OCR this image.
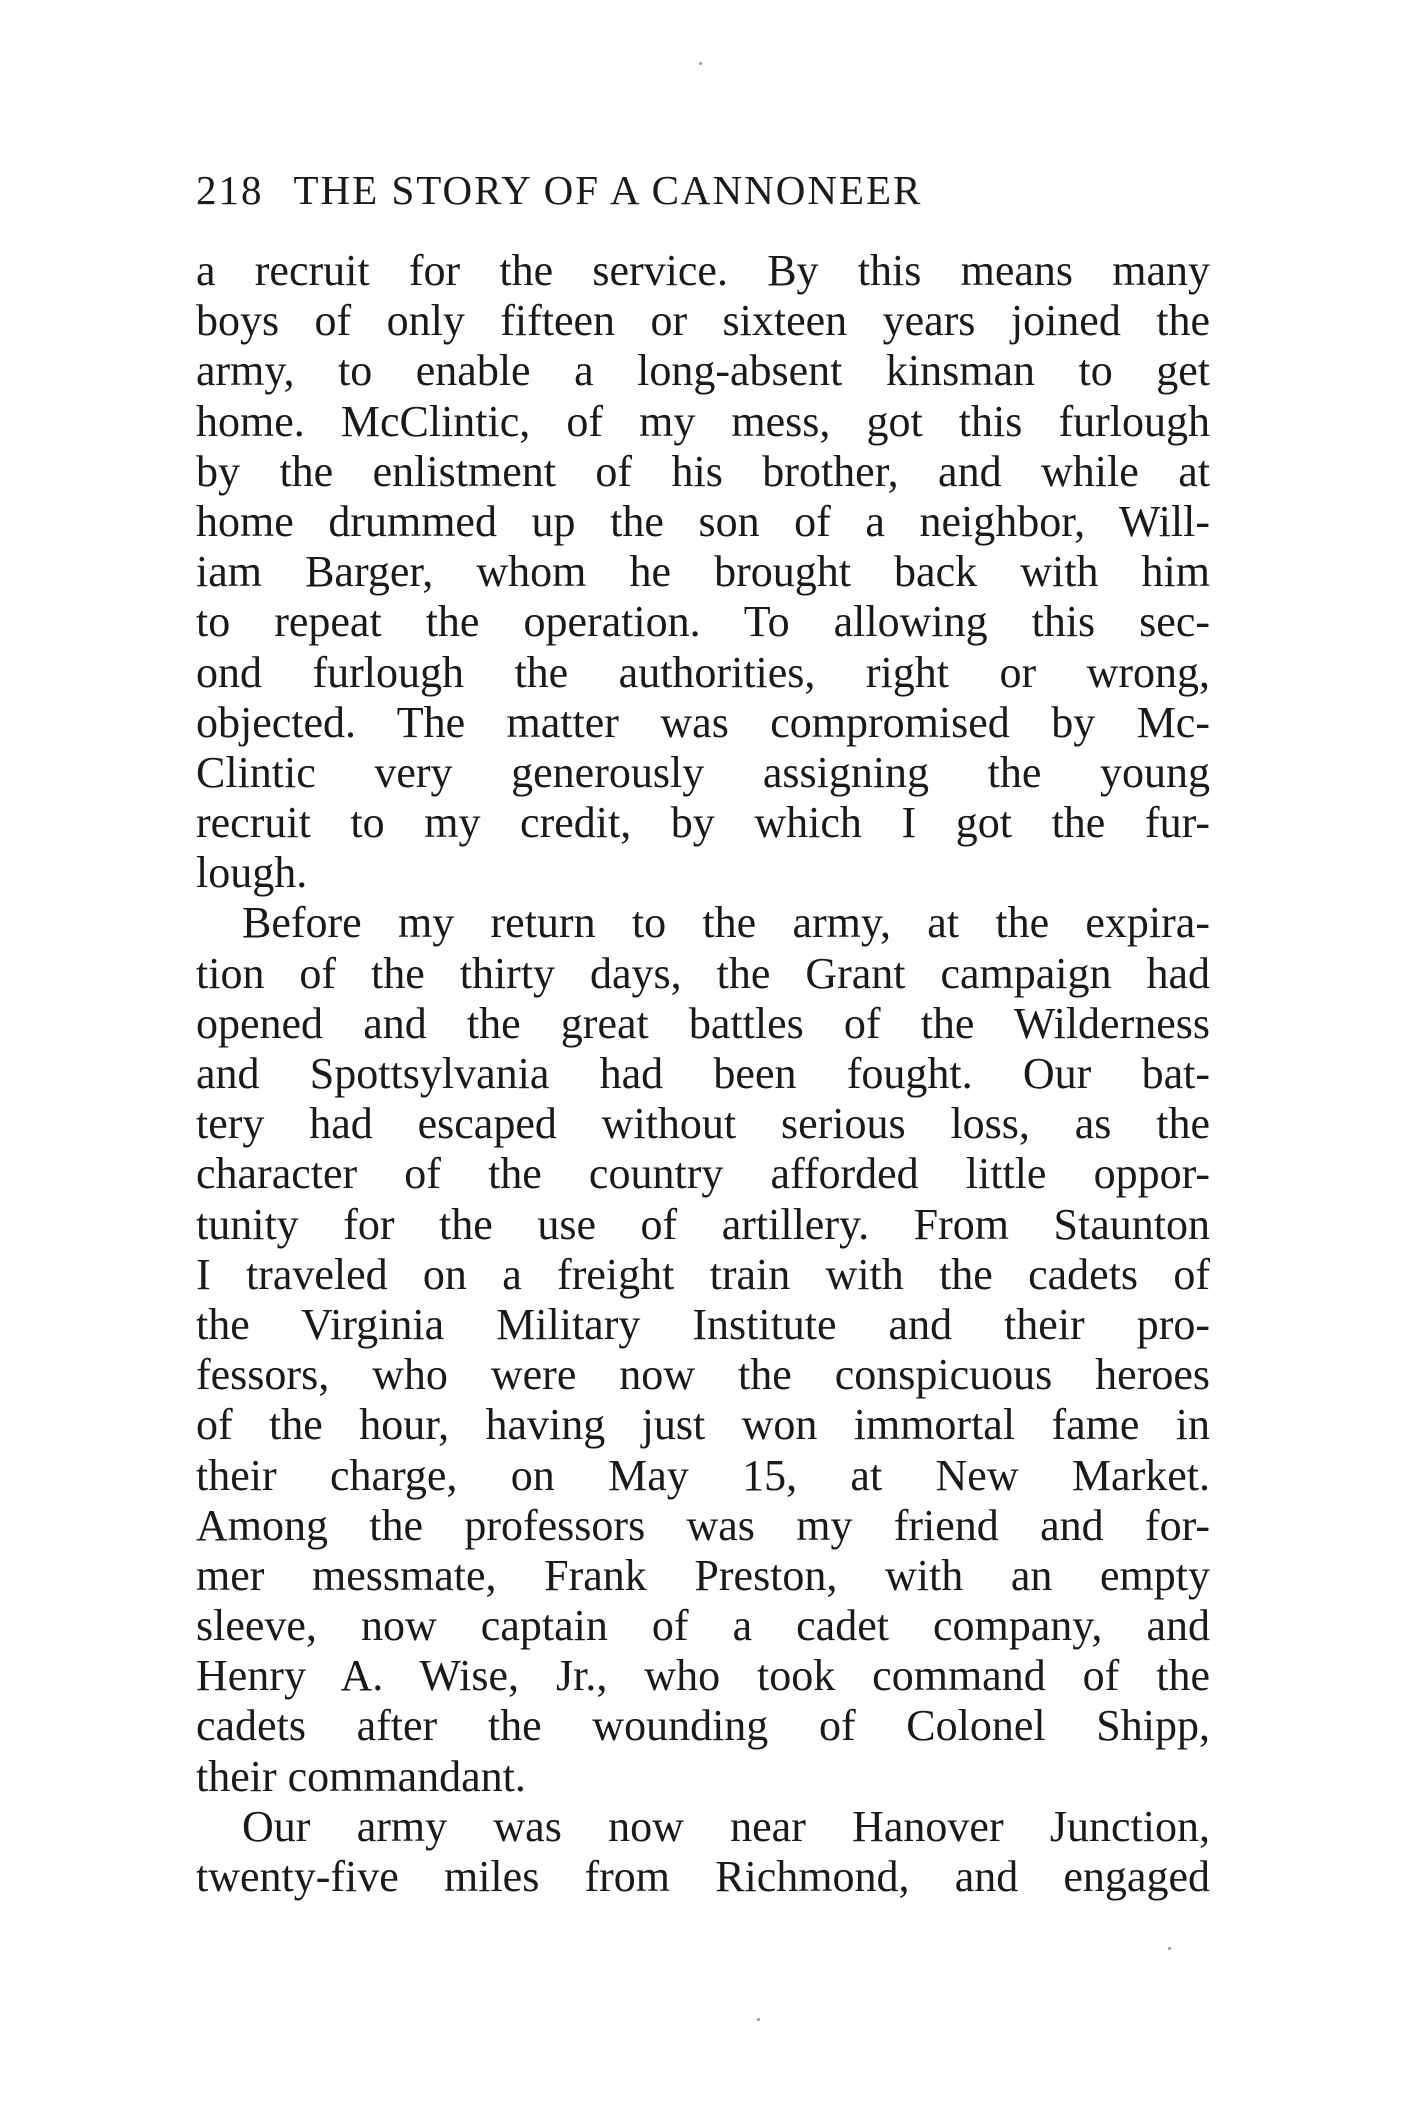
218 THE STORY OF A CANNONEER
a recruit for the service. By this means many
boys of only fifteen or sixteen years joined the
army, to enable a long-absent kinsman to get
home. McClintic, of my mess, got this furlough
by the enlistment of his brother, and while at
home drummed up the son of a neighbor, Will-
iam Barger, whom he brought back with him
to repeat the operation. To allowing this sec-
ond furlough the authorities, right or wrong,
objected. The matter was compromised by Mc-
Clintic very generously assigning the young
recruit to my credit, by which I got the fur-
lough.
Before my return to the army, at the expira-
tion of the thirty days, the Grant campaign had
opened and the great battles of the Wilderness
and Spottsylvania had been fought. Our bat-
tery had escaped without serious loss, as the
character of the country afforded little oppor-
tunity for the use of artillery. From Staunton
I traveled on a freight train with the cadets of
the Virginia Military Institute and their pro-
fessors, who were now the conspicuous heroes
of the hour, having just won immortal fame in
their charge, on May 15, at New Market.
Among the professors was my friend and for-
mer messmate, Frank Preston, with an empty
sleeve, now captain of a cadet company, and
Henry A. Wise, Jr., who took command of the
cadets after the wounding of Colonel Shipp,
their commandant.
Our army was now near Hanover Junction,
twenty-five miles from Richmond, and engaged
